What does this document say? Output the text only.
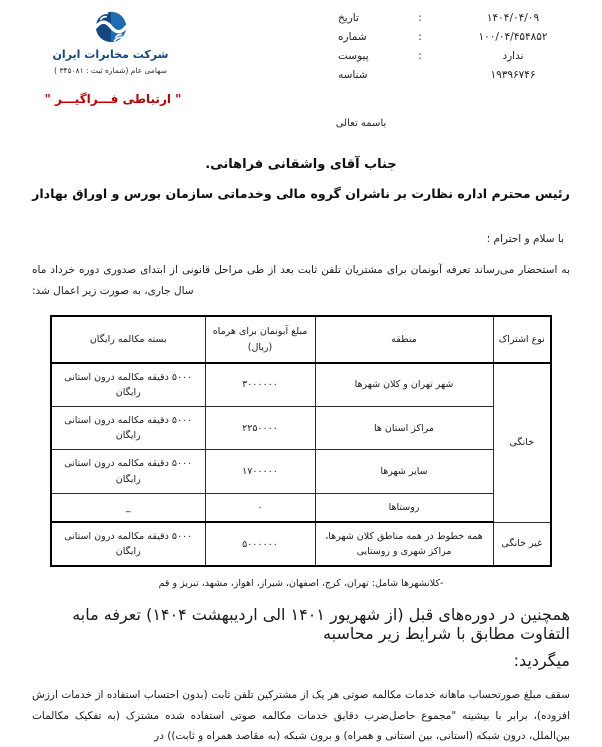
۱۴۰۴/۰۴/۰۹
:
تاریخ
۱۰۰/۰۴/۴۵۴۸۵۲
:
شماره
ندارد
:
پیوست
۱۹۳۹۶۷۴۶
شناسه
شرکت مخابرات ایران
سهامی عام (شماره ثبت : ۳۴۵۰۸۱ )
" ارتباطی فـــراگیـــر "
باسمه تعالی
جناب آقای واشقانی فراهانی.
رئیس محترم اداره نظارت بر ناشران گروه مالی وخدماتی سازمان بورس و اوراق بهادار
با سلام و احترام ؛
به استحضار می‌رساند تعرفه آبونمان برای مشتریان تلفن ثابت بعد از طی مراحل قانونی از ابتدای صدوری دوره خرداد ماه سال جاری، به صورت زیر اعمال شد:
نوع اشتراک	منطقه	مبلغ آبونمان برای هرماه (ریال)	بسته مکالمه رایگان
خانگی	شهر تهران و کلان شهرها	۳۰۰۰۰۰۰	۵۰۰۰ دقیقه مکالمه درون استانی رایگان
	مراکز استان ها	۲۲۵۰۰۰۰	۵۰۰۰ دقیقه مکالمه درون استانی رایگان
	سایر شهرها	۱۷۰۰۰۰۰	۵۰۰۰ دقیقه مکالمه درون استانی رایگان
	روستاها	۰	_
غیر خانگی	همه خطوط در همه مناطق کلان شهرها، مراکز شهری و روستایی	۵۰۰۰۰۰۰	۵۰۰۰ دقیقه مکالمه درون استانی رایگان
-کلانشهرها شامل: تهران، کرج، اصفهان، شیراز، اهواز، مشهد، تبریز و قم
همچنین در دوره‌های قبل (از شهریور ۱۴۰۱ الی اردیبهشت ۱۴۰۴) تعرفه مابه التفاوت مطابق با شرایط زیر محاسبه
میگردید:
سقف مبلغ صورتحساب ماهانه خدمات مکالمه صوتی هر یک از مشترکین تلفن ثابت (بدون احتساب استفاده از خدمات ارزش افزوده)، برابر با بیشینه "مجموع حاصل‌ضرب دقایق خدمات مکالمه صوتی استفاده شده مشترک (به تفکیک مکالمات بین‌الملل، درون شبکه (استانی، بین استانی و همراه) و برون شبکه (به مقاصد همراه و ثابت)) در
